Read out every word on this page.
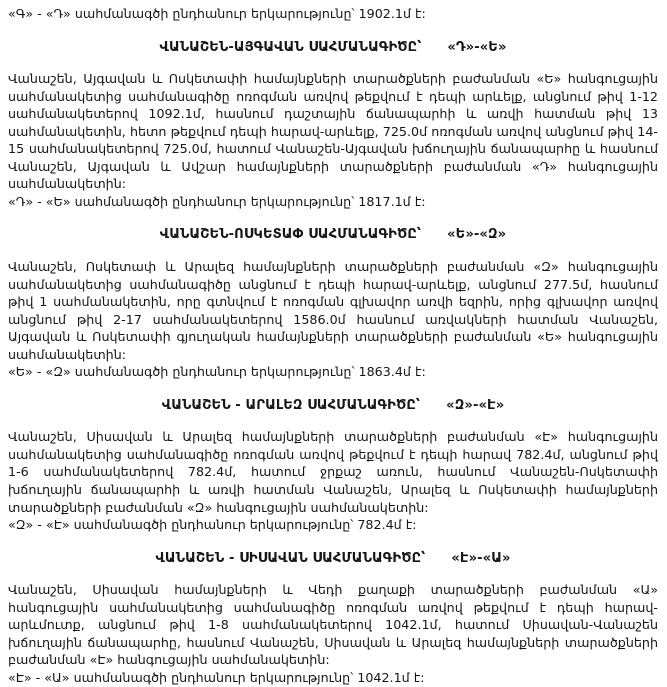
«Գ» - «Դ» սահմանագծի ընդհանուր երկարությունը՝ 1902.1մ է:

ՎԱՆԱՇԵՆ-ԱՅԳԱՎԱՆ ՍԱՀՄԱՆԱԳԻԾԸ՝ «Դ»-«Ե»

Վանաշեն, Այգավան և Ոսկետափի համայնքների տարածքների բաժանման «Ե» հանգուցային սահմանակետից սահմանագիծը ոռոգման առվով թեքվում է դեպի արևելք, անցնում թիվ 1-12 սահմանակետերով 1092.1մ, հասնում դաշտային ճանապարհի և առվի հատման թիվ 13 սահմանակետին, հետո թեքվում դեպի հարավ-արևելք, 725.0մ ոռոգման առվով անցնում թիվ 14-15 սահմանակետերով 725.0մ, հատում Վանաշեն-Այգավան խճուղային ճանապարհը և հասնում Վանաշեն, Այգավան և Ավշար համայնքների տարածքների բաժանման «Դ» հանգուցային սահմանակետին:

«Դ» - «Ե» սահմանագծի ընդհանուր երկարությունը՝ 1817.1մ է:

ՎԱՆԱՇԵՆ-ՈՍԿԵՏԱՓ ՍԱՀՄԱՆԱԳԻԾԸ՝ «Ե»-«Զ»

Վանաշեն, Ոսկետափ և Արալեզ համայնքների տարածքների բաժանման «Զ» հանգուցային սահմանակետից սահմանագիծը անցնում է դեպի հարավ-արևելք, անցնում 277.5մ, հասնում թիվ 1 սահմանակետին, որը գտնվում է ոռոգման գլխավոր առվի եզրին, որից գլխավոր առվով անցնում թիվ 2-17 սահմանակետերով 1586.0մ հասնում առվակների հատման Վանաշեն, Այգավան և Ոսկետափի գյուղական համայնքների տարածքների բաժանման «Ե» հանգուցային սահմանակետին:

«Ե» - «Զ» սահմանագծի ընդհանուր երկարությունը՝ 1863.4մ է:

ՎԱՆԱՇԵՆ - ԱՐԱԼԵԶ ՍԱՀՄԱՆԱԳԻԾԸ՝ «Զ»-«Է»

Վանաշեն, Սիսավան և Արալեզ համայնքների տարածքների բաժանման «Է» հանգուցային սահմանակետից սահմանագիծը ոռոգման առվով թեքվում է դեպի հարավ 782.4մ, անցնում թիվ 1-6 սահմանակետերով 782.4մ, հատում ջրքաշ առուն, հասնում Վանաշեն-Ոսկետափի խճուղային ճանապարհի և առվի հատման Վանաշեն, Արալեզ և Ոսկետափի համայնքների տարածքների բաժանման «Զ» հանգուցային սահմանակետին:

«Զ» - «Է» սահմանագծի ընդհանուր երկարությունը՝ 782.4մ է:

ՎԱՆԱՇԵՆ - ՍԻՍԱՎԱՆ ՍԱՀՄԱՆԱԳԻԾԸ՝ «Է»-«Ա»

Վանաշեն, Սիսավան համայնքների և Վեդի քաղաքի տարածքների բաժանման «Ա» հանգուցային սահմանակետից սահմանագիծը ոռոգման առվով թեքվում է դեպի հարավ-արևմուտք, անցնում թիվ 1-8 սահմանակետերով 1042.1մ, հատում Սիսավան-Վանաշեն խճուղային ճանապարհը, հասնում Վանաշեն, Սիսավան և Արալեզ համայնքների տարածքների բաժանման «Է» հանգուցային սահմանակետին:

«Է» - «Ա» սահմանագծի ընդհանուր երկարությունը՝ 1042.1մ է:
